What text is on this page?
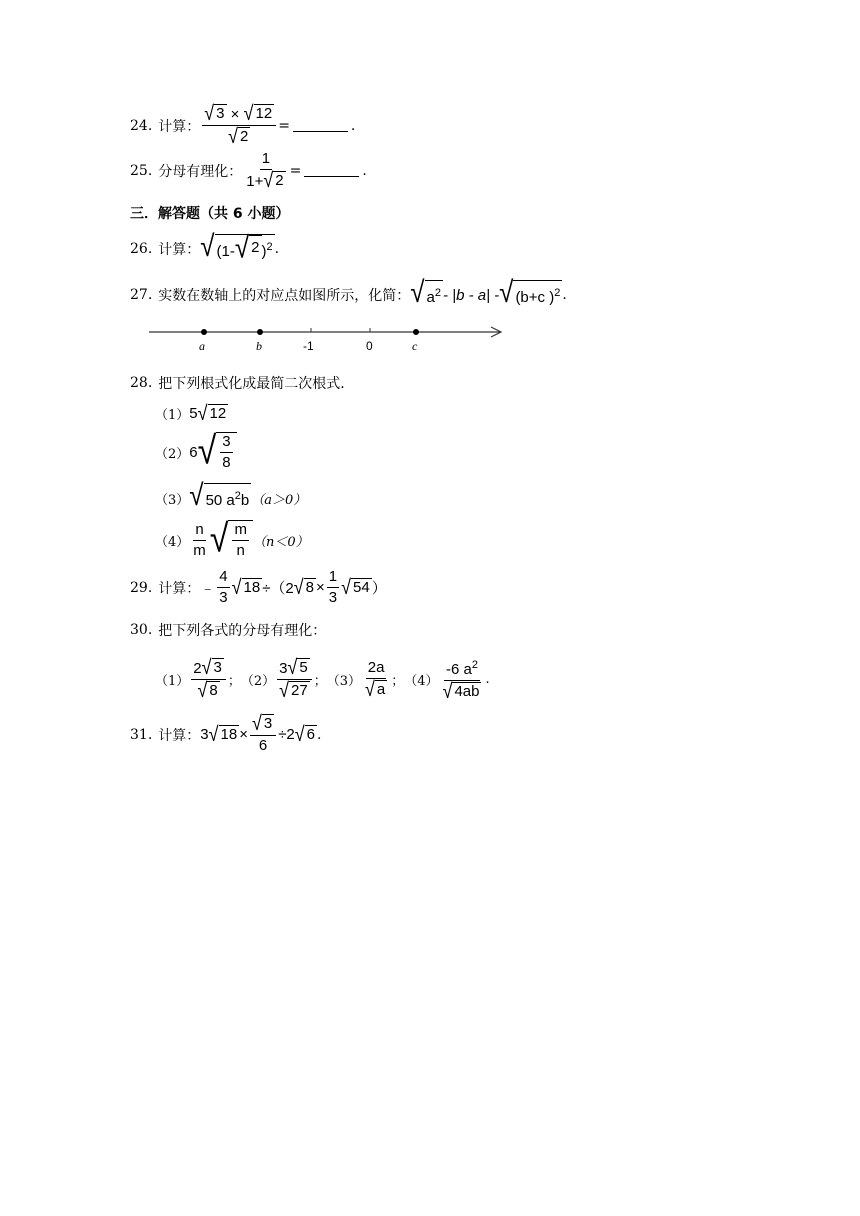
24. 计算： $\frac{√ 3 \times √ 12}{√ 2}$ =	.
25. 分母有理化： $\frac{1}{1+ √ 2}$ =	.
三．解答题（共 6 小题）
26. 计算： √ (1- √ 2 )$^2$ .
27. 实数在数轴上的对应点如图所示，化简： √ $a^2 - |b - a|$ - √ (b+c )$^2$ .
a	b	-1	0	c
28. 把下列根式化成最简二次根式．
（1） 5 √ 12
（2） 6 √ $\frac{3}{8}$
（3） √ 50 $a^2b$ （a＞0）
$(4) \frac{n}{m}$ √ $\frac{m}{n} (n<0)$
29. 计算： ﹣ $\frac{4}{3}$ √ 18 ÷（2 √ $8 \times \frac{1}{3}$ √ 54 ）
30. 把下列各式的分母有理化：
$(1) \frac{2 √ 3}{√ 8}$ ； $(2) \frac{3 √ 5}{√ 27}$ ； $(3) \frac{2a}{√ a}$ ； $(4) \frac{-6 a^2}{√ 4ab}$ .
31. 计算： 3 √ $18 \times \frac{√ 3}{6} \div 2$ √ 6 .
